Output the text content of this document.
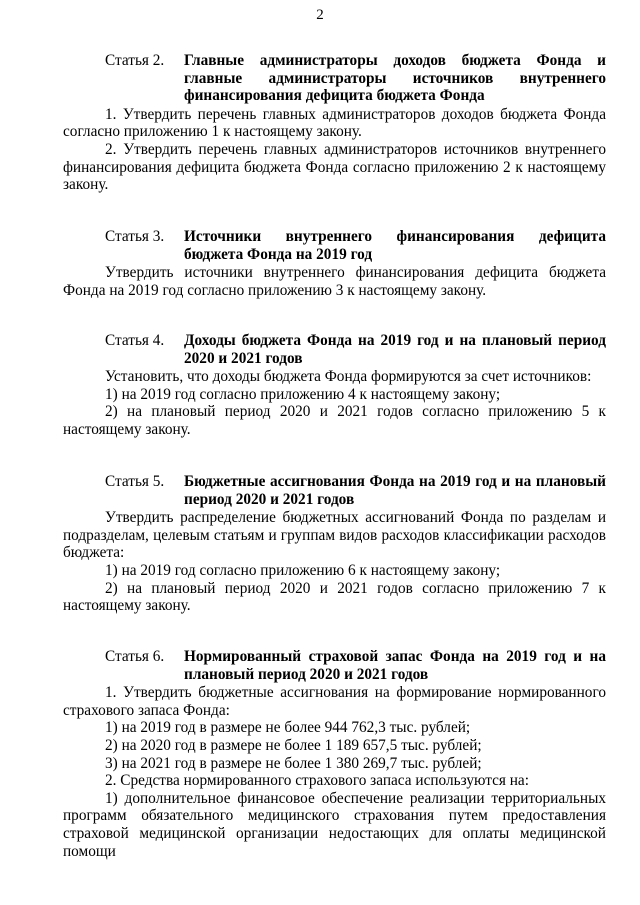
2
Статья 2. Главные администраторы доходов бюджета Фонда и главные администраторы источников внутреннего финансирования дефицита бюджета Фонда
1. Утвердить перечень главных администраторов доходов бюджета Фонда согласно приложению 1 к настоящему закону.
2. Утвердить перечень главных администраторов источников внутреннего финансирования дефицита бюджета Фонда согласно приложению 2 к настоящему закону.
Статья 3. Источники внутреннего финансирования дефицита бюджета Фонда на 2019 год
Утвердить источники внутреннего финансирования дефицита бюджета Фонда на 2019 год согласно приложению 3 к настоящему закону.
Статья 4. Доходы бюджета Фонда на 2019 год и на плановый период 2020 и 2021 годов
Установить, что доходы бюджета Фонда формируются за счет источников:
1) на 2019 год согласно приложению 4 к настоящему закону;
2) на плановый период 2020 и 2021 годов согласно приложению 5 к настоящему закону.
Статья 5. Бюджетные ассигнования Фонда на 2019 год и на плановый период 2020 и 2021 годов
Утвердить распределение бюджетных ассигнований Фонда по разделам и подразделам, целевым статьям и группам видов расходов классификации расходов бюджета:
1) на 2019 год согласно приложению 6 к настоящему закону;
2) на плановый период 2020 и 2021 годов согласно приложению 7 к настоящему закону.
Статья 6. Нормированный страховой запас Фонда на 2019 год и на плановый период 2020 и 2021 годов
1. Утвердить бюджетные ассигнования на формирование нормированного страхового запаса Фонда:
1) на 2019 год в размере не более 944 762,3 тыс. рублей;
2) на 2020 год в размере не более 1 189 657,5 тыс. рублей;
3) на 2021 год в размере не более 1 380 269,7 тыс. рублей;
2. Средства нормированного страхового запаса используются на:
1) дополнительное финансовое обеспечение реализации территориальных программ обязательного медицинского страхования путем предоставления страховой медицинской организации недостающих для оплаты медицинской помощи
